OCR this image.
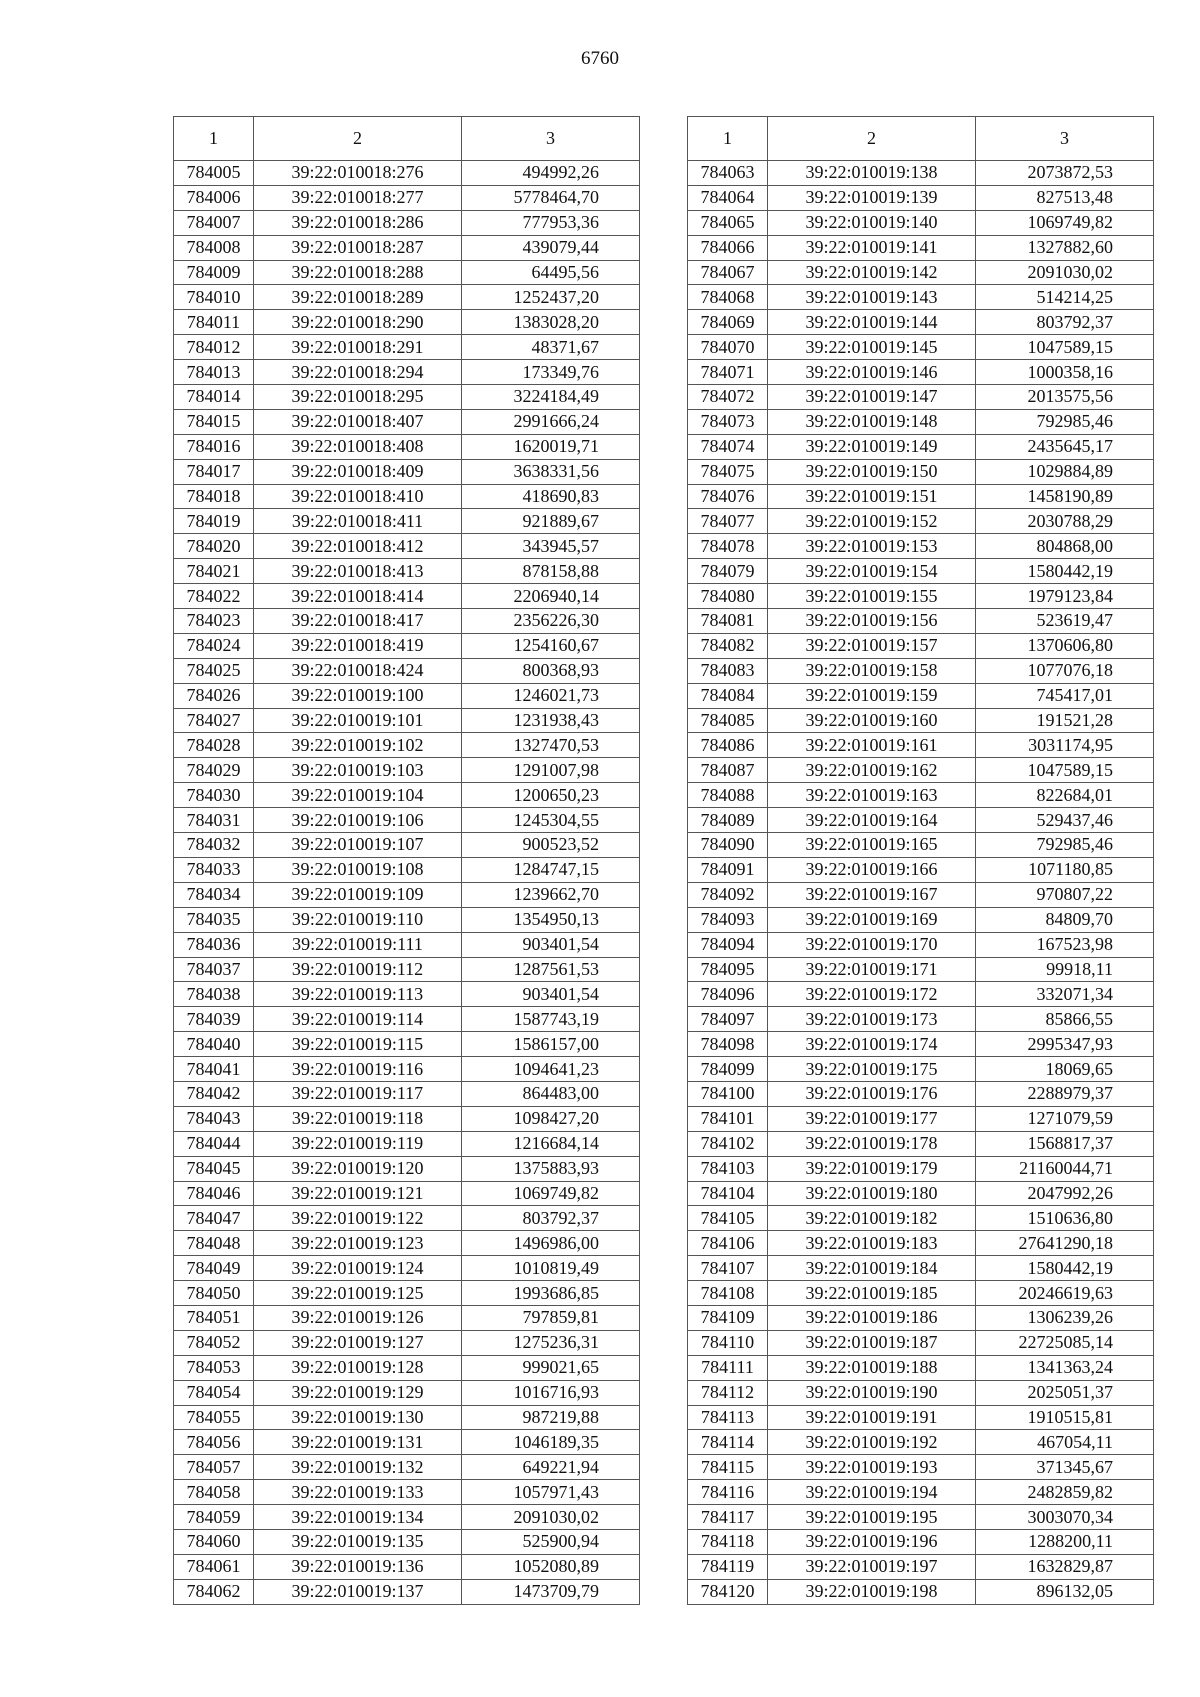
6760
1	2	3
784005	39:22:010018:276	494992,26
784006	39:22:010018:277	5778464,70
784007	39:22:010018:286	777953,36
784008	39:22:010018:287	439079,44
784009	39:22:010018:288	64495,56
784010	39:22:010018:289	1252437,20
784011	39:22:010018:290	1383028,20
784012	39:22:010018:291	48371,67
784013	39:22:010018:294	173349,76
784014	39:22:010018:295	3224184,49
784015	39:22:010018:407	2991666,24
784016	39:22:010018:408	1620019,71
784017	39:22:010018:409	3638331,56
784018	39:22:010018:410	418690,83
784019	39:22:010018:411	921889,67
784020	39:22:010018:412	343945,57
784021	39:22:010018:413	878158,88
784022	39:22:010018:414	2206940,14
784023	39:22:010018:417	2356226,30
784024	39:22:010018:419	1254160,67
784025	39:22:010018:424	800368,93
784026	39:22:010019:100	1246021,73
784027	39:22:010019:101	1231938,43
784028	39:22:010019:102	1327470,53
784029	39:22:010019:103	1291007,98
784030	39:22:010019:104	1200650,23
784031	39:22:010019:106	1245304,55
784032	39:22:010019:107	900523,52
784033	39:22:010019:108	1284747,15
784034	39:22:010019:109	1239662,70
784035	39:22:010019:110	1354950,13
784036	39:22:010019:111	903401,54
784037	39:22:010019:112	1287561,53
784038	39:22:010019:113	903401,54
784039	39:22:010019:114	1587743,19
784040	39:22:010019:115	1586157,00
784041	39:22:010019:116	1094641,23
784042	39:22:010019:117	864483,00
784043	39:22:010019:118	1098427,20
784044	39:22:010019:119	1216684,14
784045	39:22:010019:120	1375883,93
784046	39:22:010019:121	1069749,82
784047	39:22:010019:122	803792,37
784048	39:22:010019:123	1496986,00
784049	39:22:010019:124	1010819,49
784050	39:22:010019:125	1993686,85
784051	39:22:010019:126	797859,81
784052	39:22:010019:127	1275236,31
784053	39:22:010019:128	999021,65
784054	39:22:010019:129	1016716,93
784055	39:22:010019:130	987219,88
784056	39:22:010019:131	1046189,35
784057	39:22:010019:132	649221,94
784058	39:22:010019:133	1057971,43
784059	39:22:010019:134	2091030,02
784060	39:22:010019:135	525900,94
784061	39:22:010019:136	1052080,89
784062	39:22:010019:137	1473709,79
1	2	3
784063	39:22:010019:138	2073872,53
784064	39:22:010019:139	827513,48
784065	39:22:010019:140	1069749,82
784066	39:22:010019:141	1327882,60
784067	39:22:010019:142	2091030,02
784068	39:22:010019:143	514214,25
784069	39:22:010019:144	803792,37
784070	39:22:010019:145	1047589,15
784071	39:22:010019:146	1000358,16
784072	39:22:010019:147	2013575,56
784073	39:22:010019:148	792985,46
784074	39:22:010019:149	2435645,17
784075	39:22:010019:150	1029884,89
784076	39:22:010019:151	1458190,89
784077	39:22:010019:152	2030788,29
784078	39:22:010019:153	804868,00
784079	39:22:010019:154	1580442,19
784080	39:22:010019:155	1979123,84
784081	39:22:010019:156	523619,47
784082	39:22:010019:157	1370606,80
784083	39:22:010019:158	1077076,18
784084	39:22:010019:159	745417,01
784085	39:22:010019:160	191521,28
784086	39:22:010019:161	3031174,95
784087	39:22:010019:162	1047589,15
784088	39:22:010019:163	822684,01
784089	39:22:010019:164	529437,46
784090	39:22:010019:165	792985,46
784091	39:22:010019:166	1071180,85
784092	39:22:010019:167	970807,22
784093	39:22:010019:169	84809,70
784094	39:22:010019:170	167523,98
784095	39:22:010019:171	99918,11
784096	39:22:010019:172	332071,34
784097	39:22:010019:173	85866,55
784098	39:22:010019:174	2995347,93
784099	39:22:010019:175	18069,65
784100	39:22:010019:176	2288979,37
784101	39:22:010019:177	1271079,59
784102	39:22:010019:178	1568817,37
784103	39:22:010019:179	21160044,71
784104	39:22:010019:180	2047992,26
784105	39:22:010019:182	1510636,80
784106	39:22:010019:183	27641290,18
784107	39:22:010019:184	1580442,19
784108	39:22:010019:185	20246619,63
784109	39:22:010019:186	1306239,26
784110	39:22:010019:187	22725085,14
784111	39:22:010019:188	1341363,24
784112	39:22:010019:190	2025051,37
784113	39:22:010019:191	1910515,81
784114	39:22:010019:192	467054,11
784115	39:22:010019:193	371345,67
784116	39:22:010019:194	2482859,82
784117	39:22:010019:195	3003070,34
784118	39:22:010019:196	1288200,11
784119	39:22:010019:197	1632829,87
784120	39:22:010019:198	896132,05
